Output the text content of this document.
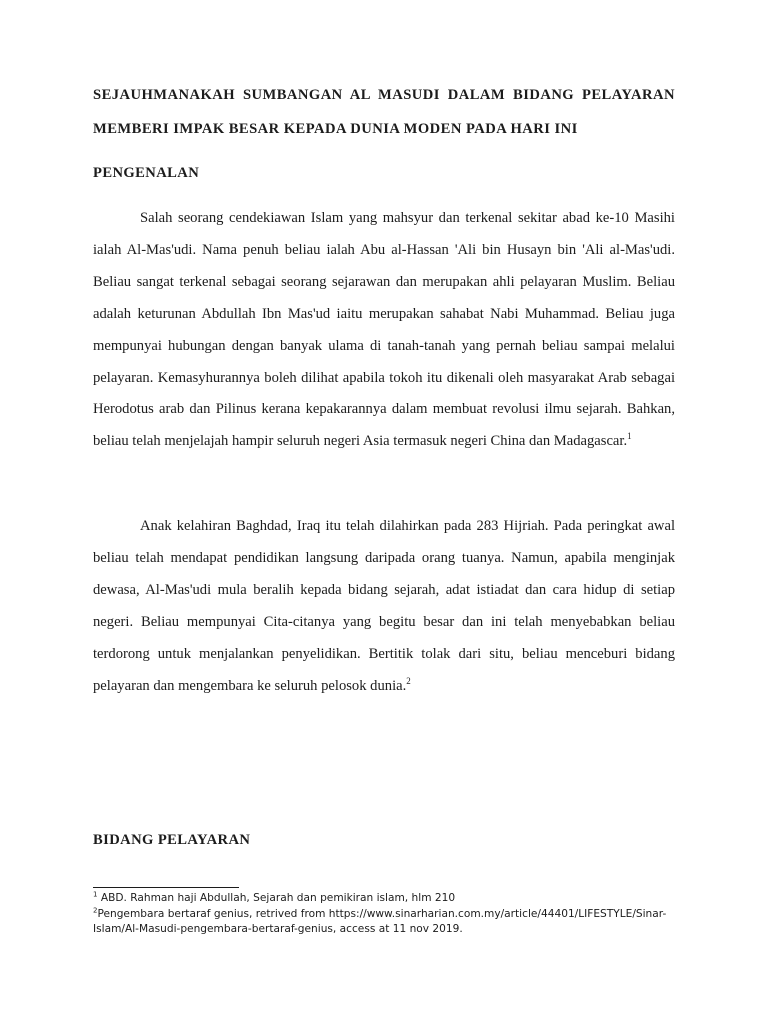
SEJAUHMANAKAH SUMBANGAN AL MASUDI DALAM BIDANG PELAYARAN

MEMBERI IMPAK BESAR KEPADA DUNIA MODEN PADA HARI INI

PENGENALAN

Salah seorang cendekiawan Islam yang mahsyur dan terkenal sekitar abad ke-10 Masihi ialah Al-Mas'udi. Nama penuh beliau ialah Abu al-Hassan 'Ali bin Husayn bin 'Ali al-Mas'udi. Beliau sangat terkenal sebagai seorang sejarawan dan merupakan ahli pelayaran Muslim. Beliau adalah keturunan Abdullah Ibn Mas'ud iaitu merupakan sahabat Nabi Muhammad. Beliau juga mempunyai hubungan dengan banyak ulama di tanah-tanah yang pernah beliau sampai melalui pelayaran. Kemasyhurannya boleh dilihat apabila tokoh itu dikenali oleh masyarakat Arab sebagai Herodotus arab dan Pilinus kerana kepakarannya dalam membuat revolusi ilmu sejarah. Bahkan, beliau telah menjelajah hampir seluruh negeri Asia termasuk negeri China dan Madagascar.$^1$

Anak kelahiran Baghdad, Iraq itu telah dilahirkan pada 283 Hijriah. Pada peringkat awal beliau telah mendapat pendidikan langsung daripada orang tuanya. Namun, apabila menginjak dewasa, Al-Mas'udi mula beralih kepada bidang sejarah, adat istiadat dan cara hidup di setiap negeri. Beliau mempunyai Cita-citanya yang begitu besar dan ini telah menyebabkan beliau terdorong untuk menjalankan penyelidikan. Bertitik tolak dari situ, beliau menceburi bidang pelayaran dan mengembara ke seluruh pelosok dunia.$^2$

BIDANG PELAYARAN

$^1$ ABD. Rahman haji Abdullah, Sejarah dan pemikiran islam, hlm 210

$^2$Pengembara bertaraf genius, retrived from https://www.sinarharian.com.my/article/44401/LIFESTYLE/Sinar-Islam/Al-Masudi-pengembara-bertaraf-genius, access at 11 nov 2019.
